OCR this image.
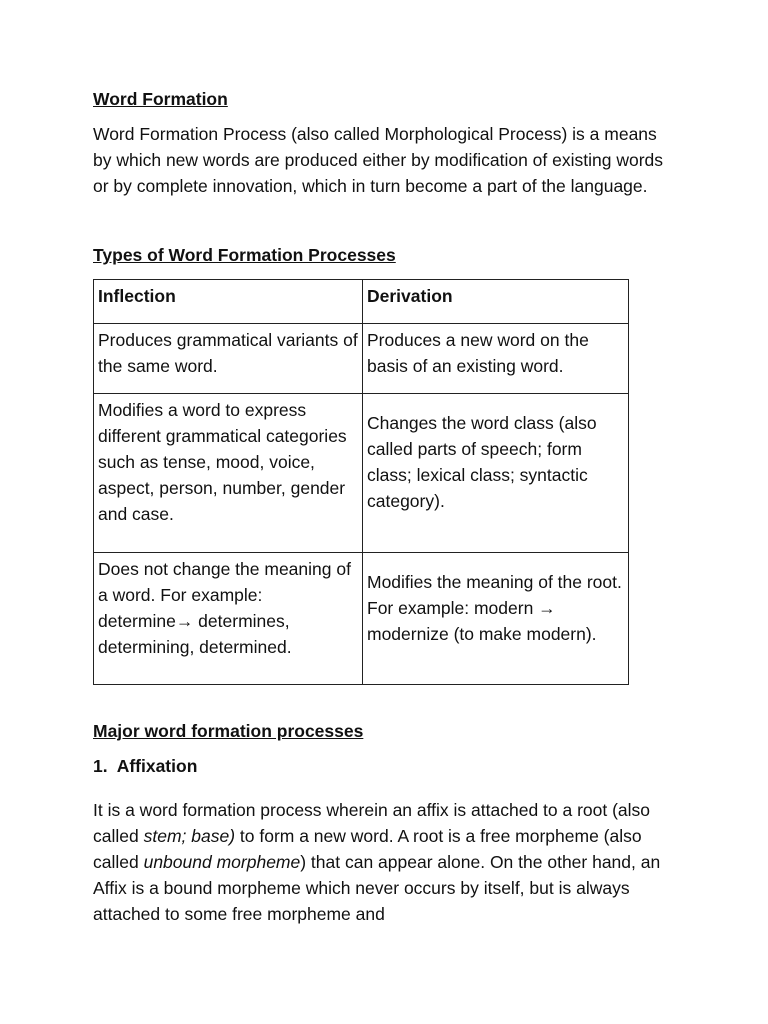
Word Formation

Word Formation Process (also called Morphological Process) is a means by which new words are produced either by modification of existing words or by complete innovation, which in turn become a part of the language.

Types of Word Formation Processes

Inflection	Derivation
Produces grammatical variants of the same word.	Produces a new word on the basis of an existing word.
Modifies a word to express different grammatical categories such as tense, mood, voice, aspect, person, number, gender and case.	Changes the word class (also called parts of speech; form class; lexical class; syntactic category).
Does not change the meaning of a word. For example: determine→ determines, determining, determined.	Modifies the meaning of the root. For example: modern → modernize (to make modern).

Major word formation processes

1. Affixation

It is a word formation process wherein an affix is attached to a root (also called stem; base) to form a new word. A root is a free morpheme (also called unbound morpheme) that can appear alone. On the other hand, an Affix is a bound morpheme which never occurs by itself, but is always attached to some free morpheme and
